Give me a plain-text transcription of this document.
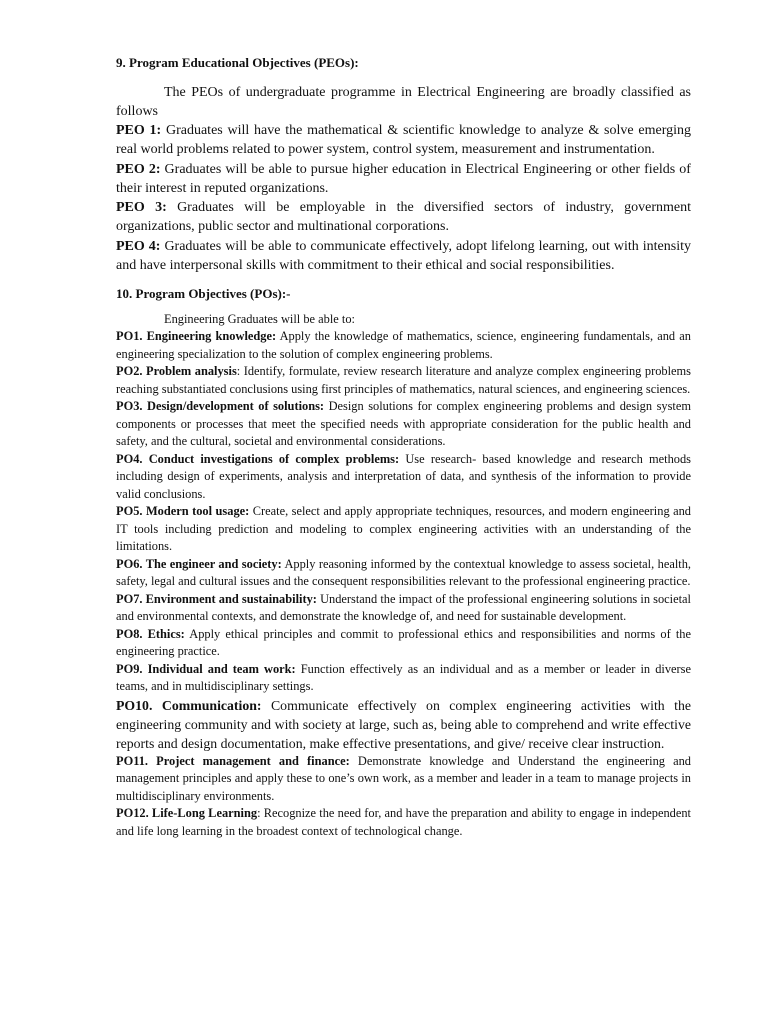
9. Program Educational Objectives (PEOs):

The PEOs of undergraduate programme in Electrical Engineering are broadly classified as follows

PEO 1: Graduates will have the mathematical & scientific knowledge to analyze & solve emerging real world problems related to power system, control system, measurement and instrumentation.

PEO 2: Graduates will be able to pursue higher education in Electrical Engineering or other fields of their interest in reputed organizations.

PEO 3: Graduates will be employable in the diversified sectors of industry, government organizations, public sector and multinational corporations.

PEO 4: Graduates will be able to communicate effectively, adopt lifelong learning, out with intensity and have interpersonal skills with commitment to their ethical and social responsibilities.

10. Program Objectives (POs):-

Engineering Graduates will be able to:

PO1. Engineering knowledge: Apply the knowledge of mathematics, science, engineering fundamentals, and an engineering specialization to the solution of complex engineering problems.

PO2. Problem analysis: Identify, formulate, review research literature and analyze complex engineering problems reaching substantiated conclusions using first principles of mathematics, natural sciences, and engineering sciences.

PO3. Design/development of solutions: Design solutions for complex engineering problems and design system components or processes that meet the specified needs with appropriate consideration for the public health and safety, and the cultural, societal and environmental considerations.

PO4. Conduct investigations of complex problems: Use research- based knowledge and research methods including design of experiments, analysis and interpretation of data, and synthesis of the information to provide valid conclusions.

PO5. Modern tool usage: Create, select and apply appropriate techniques, resources, and modern engineering and IT tools including prediction and modeling to complex engineering activities with an understanding of the limitations.

PO6. The engineer and society: Apply reasoning informed by the contextual knowledge to assess societal, health, safety, legal and cultural issues and the consequent responsibilities relevant to the professional engineering practice.

PO7. Environment and sustainability: Understand the impact of the professional engineering solutions in societal and environmental contexts, and demonstrate the knowledge of, and need for sustainable development.

PO8. Ethics: Apply ethical principles and commit to professional ethics and responsibilities and norms of the engineering practice.

PO9. Individual and team work: Function effectively as an individual and as a member or leader in diverse teams, and in multidisciplinary settings.

PO10. Communication: Communicate effectively on complex engineering activities with the engineering community and with society at large, such as, being able to comprehend and write effective reports and design documentation, make effective presentations, and give/ receive clear instruction.

PO11. Project management and finance: Demonstrate knowledge and Understand the engineering and management principles and apply these to one’s own work, as a member and leader in a team to manage projects in multidisciplinary environments.

PO12. Life-Long Learning: Recognize the need for, and have the preparation and ability to engage in independent and life long learning in the broadest context of technological change.
